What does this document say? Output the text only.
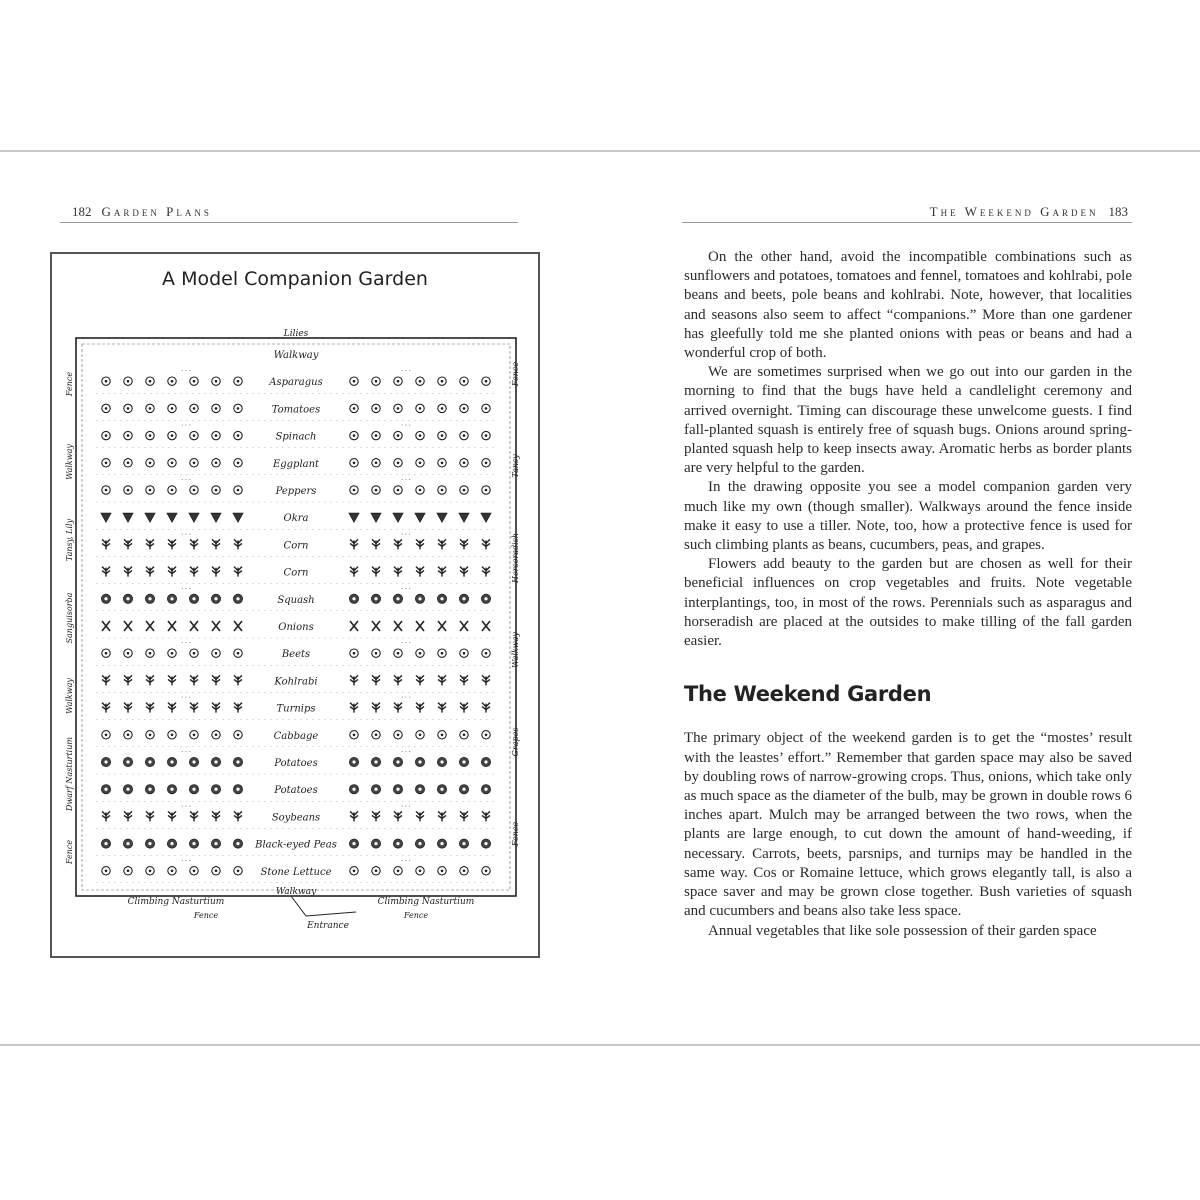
182 Garden Plans
A Model Companion Garden
Lilies
Fence
Walkway
Tansy, Lily
Sanguisorba
Walkway
Dwarf Nasturtium
Fence
Fence
Tansy
Horseradish
Walkway
Grapes
Fence
Walkway
Asparagus
· · ·	· · ·
Tomatoes
Spinach
· · ·	· · ·
Eggplant
Peppers
· · ·	· · ·
Okra
Corn
· · ·	· · ·
Corn
Squash
· · ·	· · ·
Onions
Beets
· · ·	· · ·
Kohlrabi
Turnips
· · ·	· · ·
Cabbage
Potatoes
· · ·	· · ·
Potatoes
Soybeans
· · ·	· · ·
Black-eyed Peas
Stone Lettuce
· · ·	· · ·
Climbing Nasturtium
Walkway
Climbing Nasturtium
Fence
Entrance
Fence
The Weekend Garden 183

On the other hand, avoid the incompatible combinations such as sunflowers and potatoes, tomatoes and fennel, tomatoes and kohlrabi, pole beans and beets, pole beans and kohlrabi. Note, however, that localities and seasons also seem to affect “companions.” More than one gardener has gleefully told me she planted onions with peas or beans and had a wonderful crop of both.

We are sometimes surprised when we go out into our garden in the morning to find that the bugs have held a candlelight ceremony and arrived overnight. Timing can discourage these unwelcome guests. I find fall-planted squash is entirely free of squash bugs. Onions around spring-planted squash help to keep insects away. Aromatic herbs as border plants are very helpful to the garden.

In the drawing opposite you see a model companion garden very much like my own (though smaller). Walkways around the fence inside make it easy to use a tiller. Note, too, how a protective fence is used for such climbing plants as beans, cucumbers, peas, and grapes.

Flowers add beauty to the garden but are chosen as well for their beneficial influences on crop vegetables and fruits. Note vegetable interplantings, too, in most of the rows. Perennials such as asparagus and horseradish are placed at the outsides to make tilling of the fall garden easier.

The Weekend Garden

The primary object of the weekend garden is to get the “mostes’ result with the leastes’ effort.” Remember that garden space may also be saved by doubling rows of narrow-growing crops. Thus, onions, which take only as much space as the diameter of the bulb, may be grown in double rows 6 inches apart. Mulch may be arranged between the two rows, when the plants are large enough, to cut down the amount of hand-weeding, if necessary. Carrots, beets, parsnips, and turnips may be handled in the same way. Cos or Romaine lettuce, which grows elegantly tall, is also a space saver and may be grown close together. Bush varieties of squash and cucumbers and beans also take less space.

Annual vegetables that like sole possession of their garden space
